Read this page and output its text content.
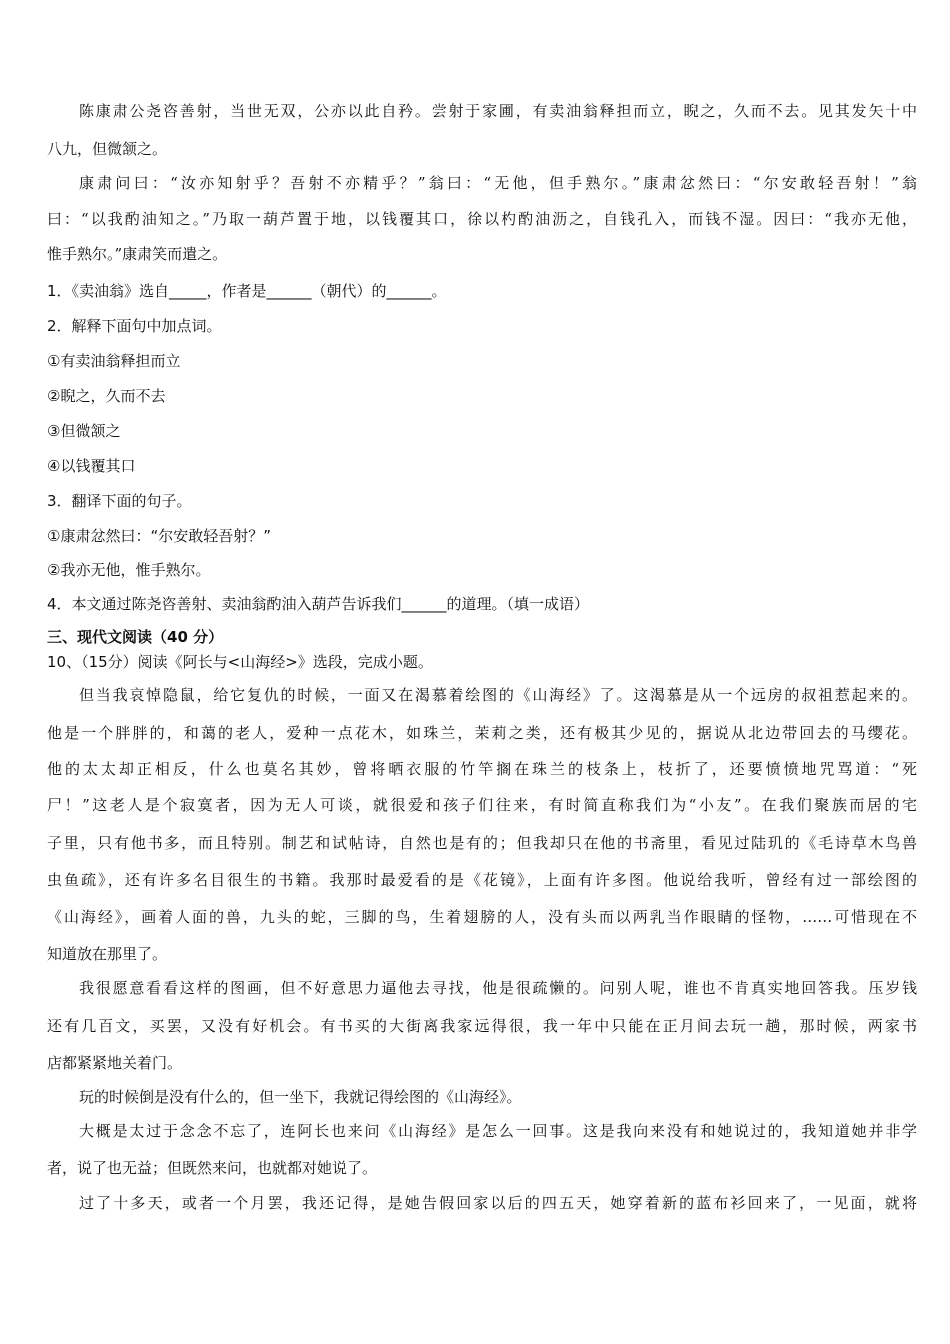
陈康肃公尧咨善射，当世无双，公亦以此自矜。尝射于家圃，有卖油翁释担而立，睨之，久而不去。见其发矢十中
八九，但微颔之。
康肃问曰：“汝亦知射乎？吾射不亦精乎？”翁曰：“无他，但手熟尔。”康肃忿然曰：“尔安敢轻吾射！”翁
曰：“以我酌油知之。”乃取一葫芦置于地，以钱覆其口，徐以杓酌油沥之，自钱孔入，而钱不湿。因曰：“我亦无他，
惟手熟尔。”康肃笑而遣之。
1．《卖油翁》选自_____，作者是______（朝代）的______。
2．解释下面句中加点词。
①有卖油翁释担而立
②睨之，久而不去
③但微颔之
④以钱覆其口
3．翻译下面的句子。
①康肃忿然曰：“尔安敢轻吾射？”
②我亦无他，惟手熟尔。
4．本文通过陈尧咨善射、卖油翁酌油入葫芦告诉我们______的道理。（填一成语）
三、现代文阅读（40 分）
10、（15分）阅读《阿长与<山海经>》选段，完成小题。
但当我哀悼隐鼠，给它复仇的时候，一面又在渴慕着绘图的《山海经》了。这渴慕是从一个远房的叔祖惹起来的。
他是一个胖胖的，和蔼的老人，爱种一点花木，如珠兰，茉莉之类，还有极其少见的，据说从北边带回去的马缨花。
他的太太却正相反，什么也莫名其妙，曾将晒衣服的竹竿搁在珠兰的枝条上，枝折了，还要愤愤地咒骂道：“死
尸！”这老人是个寂寞者，因为无人可谈，就很爱和孩子们往来，有时简直称我们为“小友”。在我们聚族而居的宅
子里，只有他书多，而且特别。制艺和试帖诗，自然也是有的；但我却只在他的书斋里，看见过陆玑的《毛诗草木鸟兽
虫鱼疏》，还有许多名目很生的书籍。我那时最爱看的是《花镜》，上面有许多图。他说给我听，曾经有过一部绘图的
《山海经》，画着人面的兽，九头的蛇，三脚的鸟，生着翅膀的人，没有头而以两乳当作眼睛的怪物，……可惜现在不
知道放在那里了。
我很愿意看看这样的图画，但不好意思力逼他去寻找，他是很疏懒的。问别人呢，谁也不肯真实地回答我。压岁钱
还有几百文，买罢，又没有好机会。有书买的大街离我家远得很，我一年中只能在正月间去玩一趟，那时候，两家书
店都紧紧地关着门。
玩的时候倒是没有什么的，但一坐下，我就记得绘图的《山海经》。
大概是太过于念念不忘了，连阿长也来问《山海经》是怎么一回事。这是我向来没有和她说过的，我知道她并非学
者，说了也无益；但既然来问，也就都对她说了。
过了十多天，或者一个月罢，我还记得，是她告假回家以后的四五天，她穿着新的蓝布衫回来了，一见面，就将
